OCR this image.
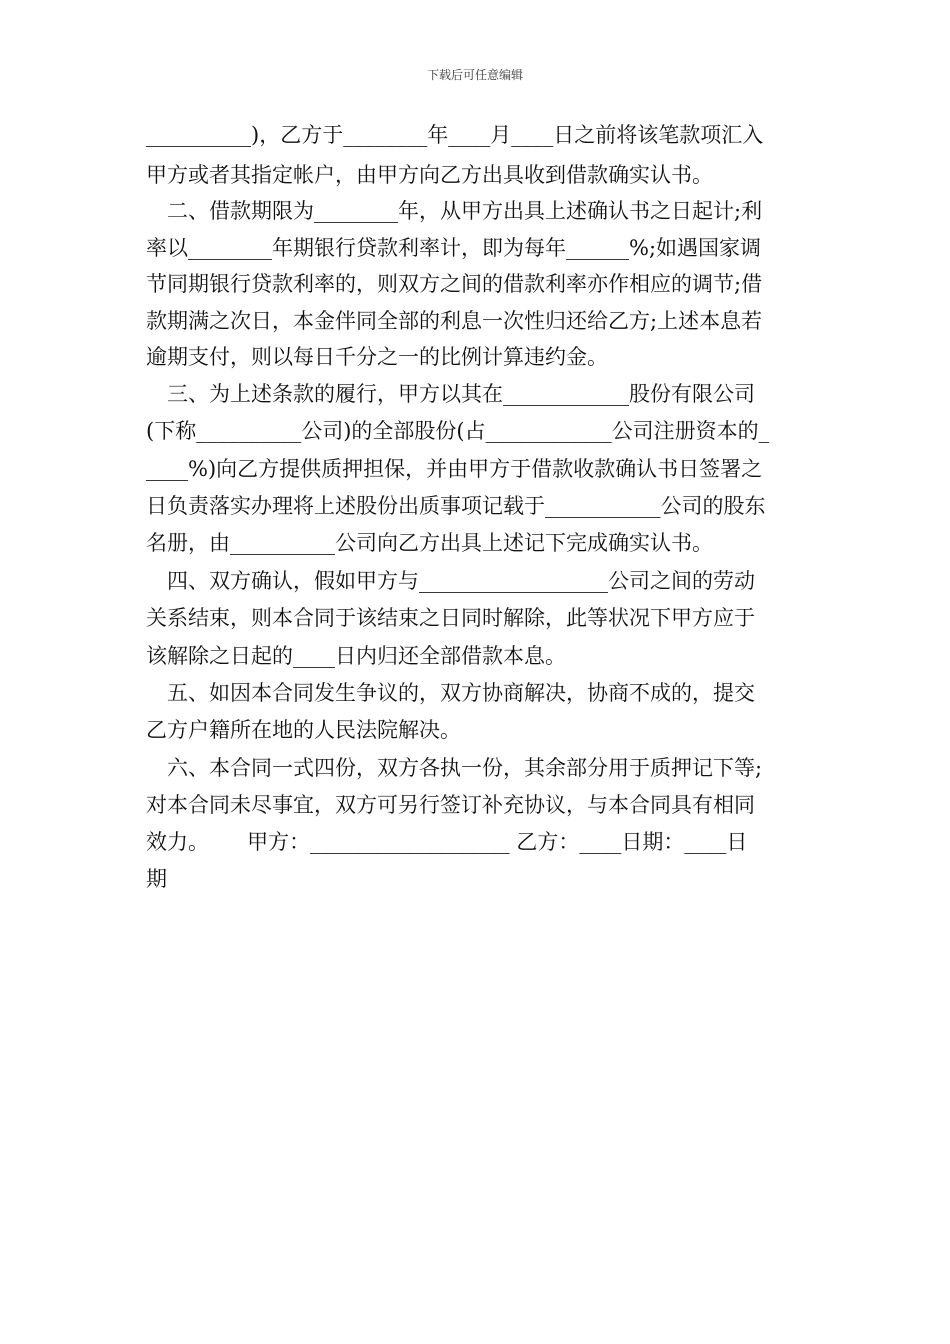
下载后可任意编辑
__________)，乙方于________年____月____日之前将该笔款项汇入
甲方或者其指定帐户，由甲方向乙方出具收到借款确实认书。
　二、借款期限为________年，从甲方出具上述确认书之日起计;利
率以________年期银行贷款利率计，即为每年______%;如遇国家调
节同期银行贷款利率的，则双方之间的借款利率亦作相应的调节;借
款期满之次日，本金伴同全部的利息一次性归还给乙方;上述本息若
逾期支付，则以每日千分之一的比例计算违约金。
　三、为上述条款的履行，甲方以其在____________股份有限公司
(下称__________公司)的全部股份(占____________公司注册资本的_
____%)向乙方提供质押担保，并由甲方于借款收款确认书日签署之
日负责落实办理将上述股份出质事项记载于___________公司的股东
名册，由__________公司向乙方出具上述记下完成确实认书。
　四、双方确认，假如甲方与__________________公司之间的劳动
关系结束，则本合同于该结束之日同时解除，此等状况下甲方应于
该解除之日起的____日内归还全部借款本息。
　五、如因本合同发生争议的，双方协商解决，协商不成的，提交
乙方户籍所在地的人民法院解决。
　六、本合同一式四份，双方各执一份，其余部分用于质押记下等;
对本合同未尽事宜，双方可另行签订补充协议，与本合同具有相同
效力。　　 甲方：___________________ 乙方：____日期：____日
期
